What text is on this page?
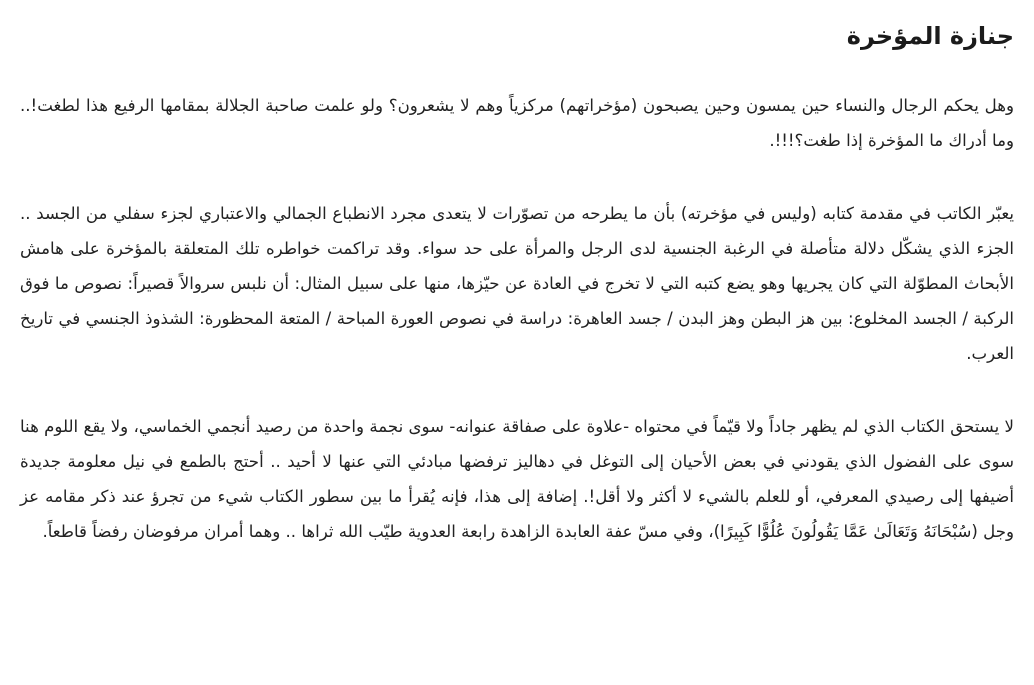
جنازة المؤخرة

وهل يحكم الرجال والنساء حين يمسون وحين يصبحون (مؤخراتهم) مركزياً وهم لا يشعرون؟ ولو علمت صاحبة الجلالة بمقامها الرفيع هذا لطغت!.. وما أدراك ما المؤخرة إذا طغت؟!!!.

يعبّر الكاتب في مقدمة كتابه (وليس في مؤخرته) بأن ما يطرحه من تصوّرات لا يتعدى مجرد الانطباع الجمالي والاعتباري لجزء سفلي من الجسد .. الجزء الذي يشكّل دلالة متأصلة في الرغبة الجنسية لدى الرجل والمرأة على حد سواء. وقد تراكمت خواطره تلك المتعلقة بالمؤخرة على هامش الأبحاث المطوّلة التي كان يجريها وهو يضع كتبه التي لا تخرج في العادة عن حيّزها، منها على سبيل المثال: أن نلبس سروالاً قصيراً: نصوص ما فوق الركبة / الجسد المخلوع: بين هز البطن وهز البدن / جسد العاهرة: دراسة في نصوص العورة المباحة / المتعة المحظورة: الشذوذ الجنسي في تاريخ العرب.

لا يستحق الكتاب الذي لم يظهر جاداً ولا قيّماً في محتواه -علاوة على صفاقة عنوانه- سوى نجمة واحدة من رصيد أنجمي الخماسي، ولا يقع اللوم هنا سوى على الفضول الذي يقودني في بعض الأحيان إلى التوغل في دهاليز ترفضها مبادئي التي عنها لا أحيد .. أحتج بالطمع في نيل معلومة جديدة أضيفها إلى رصيدي المعرفي، أو للعلم بالشيء لا أكثر ولا أقل!. إضافة إلى هذا، فإنه يُقرأ ما بين سطور الكتاب شيء من تجرؤ عند ذكر مقامه عز وجل (سُبْحَانَهُ وَتَعَالَىٰ عَمَّا يَقُولُونَ عُلُوًّا كَبِيرًا)، وفي مسّ عفة العابدة الزاهدة رابعة العدوية طيّب الله ثراها .. وهما أمران مرفوضان رفضاً قاطعاً.
